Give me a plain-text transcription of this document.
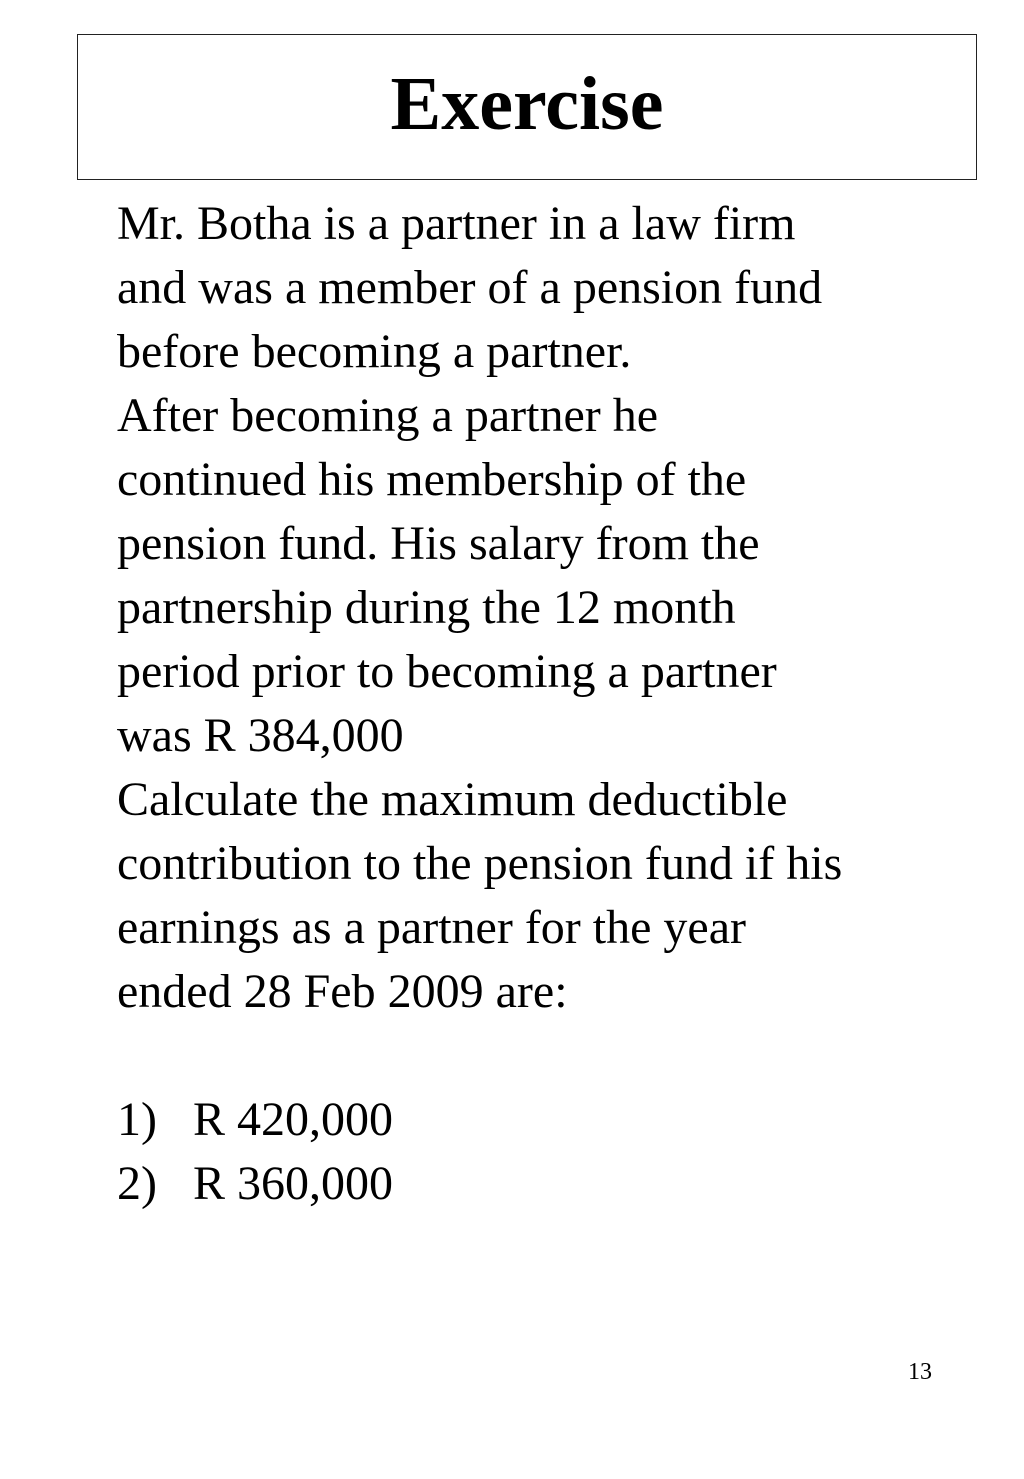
Exercise
Mr. Botha is a partner in a law firm
and was a member of a pension fund
before becoming a partner.
After becoming a partner he
continued his membership of the
pension fund. His salary from the
partnership during the 12 month
period prior to becoming a partner
was R 384,000
Calculate the maximum deductible
contribution to the pension fund if his
earnings as a partner for the year
ended 28 Feb 2009 are:
1) R 420,000
2) R 360,000
13
